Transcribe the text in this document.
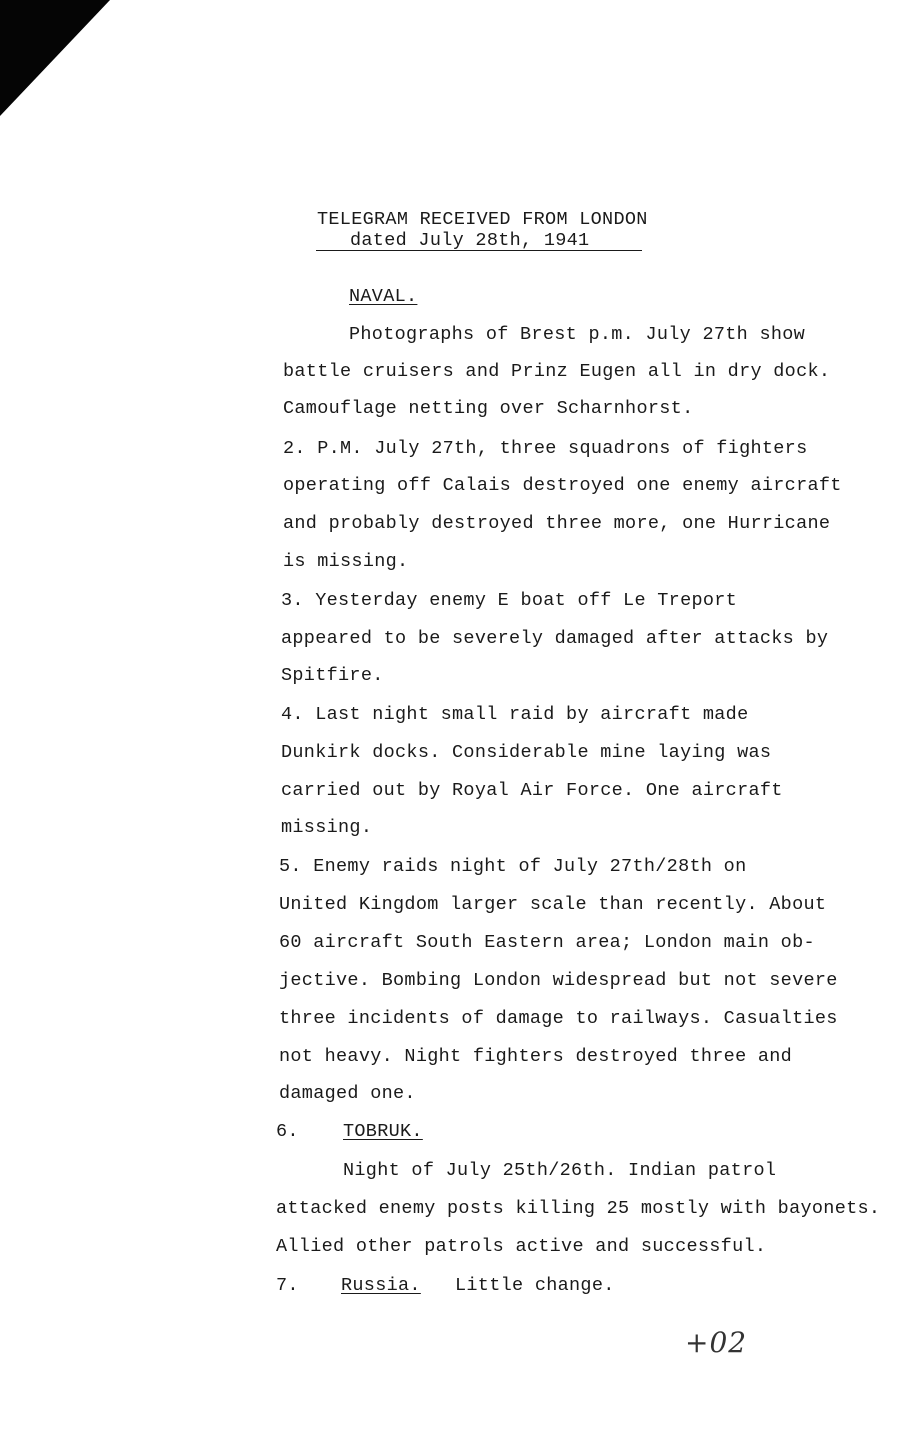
TELEGRAM RECEIVED FROM LONDON
dated July 28th, 1941
NAVAL.
Photographs of Brest p.m. July 27th show
battle cruisers and Prinz Eugen all in dry dock.
Camouflage netting over Scharnhorst.
2. P.M. July 27th, three squadrons of fighters
operating off Calais destroyed one enemy aircraft
and probably destroyed three more, one Hurricane
is missing.
3. Yesterday enemy E boat off Le Treport
appeared to be severely damaged after attacks by
Spitfire.
4. Last night small raid by aircraft made
Dunkirk docks. Considerable mine laying was
carried out by Royal Air Force. One aircraft
missing.
5. Enemy raids night of July 27th/28th on
United Kingdom larger scale than recently. About
60 aircraft South Eastern area; London main ob-
jective. Bombing London widespread but not severe
three incidents of damage to railways. Casualties
not heavy. Night fighters destroyed three and
damaged one.
6. TOBRUK.
Night of July 25th/26th. Indian patrol
attacked enemy posts killing 25 mostly with bayonets.
Allied other patrols active and successful.
7. Russia. Little change.
+02
